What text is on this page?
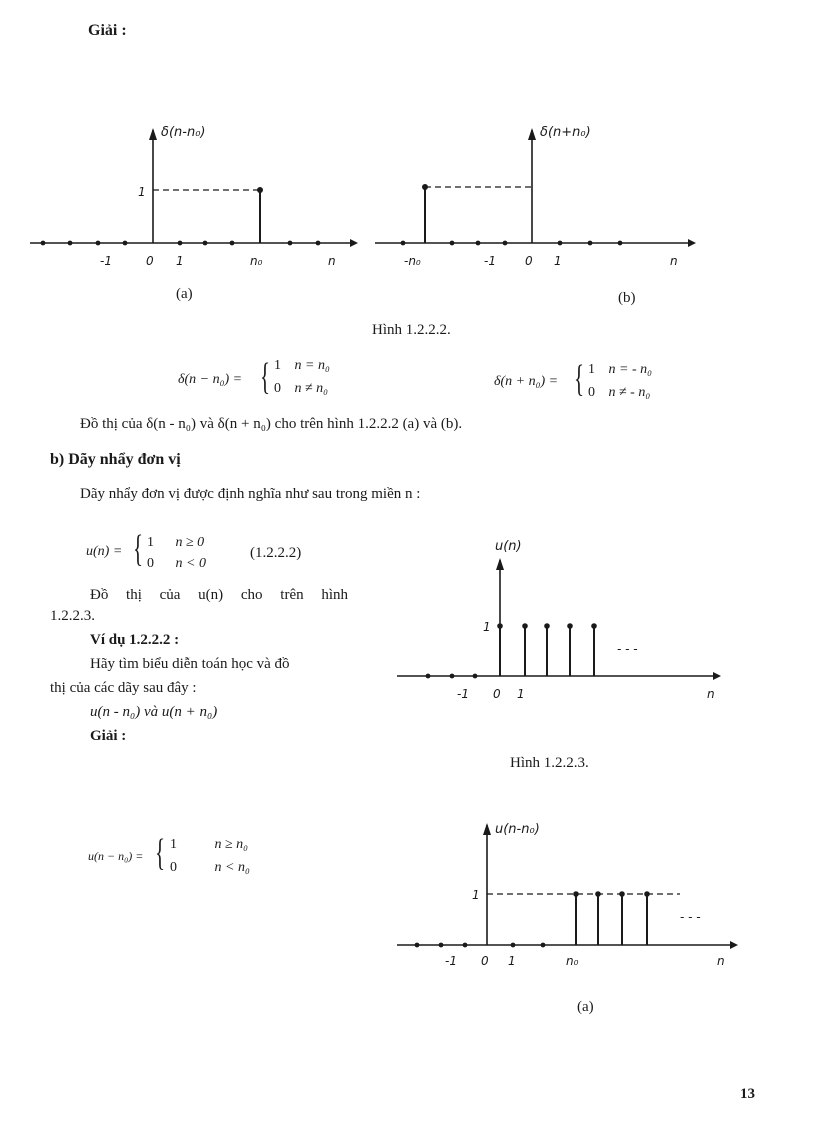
Giải :
δ(n-n₀)
1
-1	0 1	n₀	n
(a)
δ(n+n₀)
-n₀	-1 0 1	n
(b)
Hình 1.2.2.2.
δ(n − n₀) = { 1 n = n₀
0 n ≠ n₀	δ(n + n₀) = { 1 n = - n₀
0 n ≠ - n₀
Đồ thị của δ(n - n₀) và δ(n + n₀) cho trên hình 1.2.2.2 (a) và (b).
b) Dãy nhẩy đơn vị
Dãy nhẩy đơn vị được định nghĩa như sau trong miền n :
u(n) = { 1 n ≥ 0
0 n < 0
(1.2.2.2)
Đồ thị của u(n) cho trên hình
1.2.2.3.
Ví dụ 1.2.2.2 :
Hãy tìm biểu diễn toán học và đồ
thị của các dãy sau đây :
u(n - n₀) và u(n + n₀)
Giải :
u(n)
1
- - -
-1 0 1	n
Hình 1.2.2.3.
u(n − n₀) = { 1	n ≥ n₀
0	n < n₀
u(n-n₀)
1
- - -
-1 0 1	n₀	n
(a)
13
